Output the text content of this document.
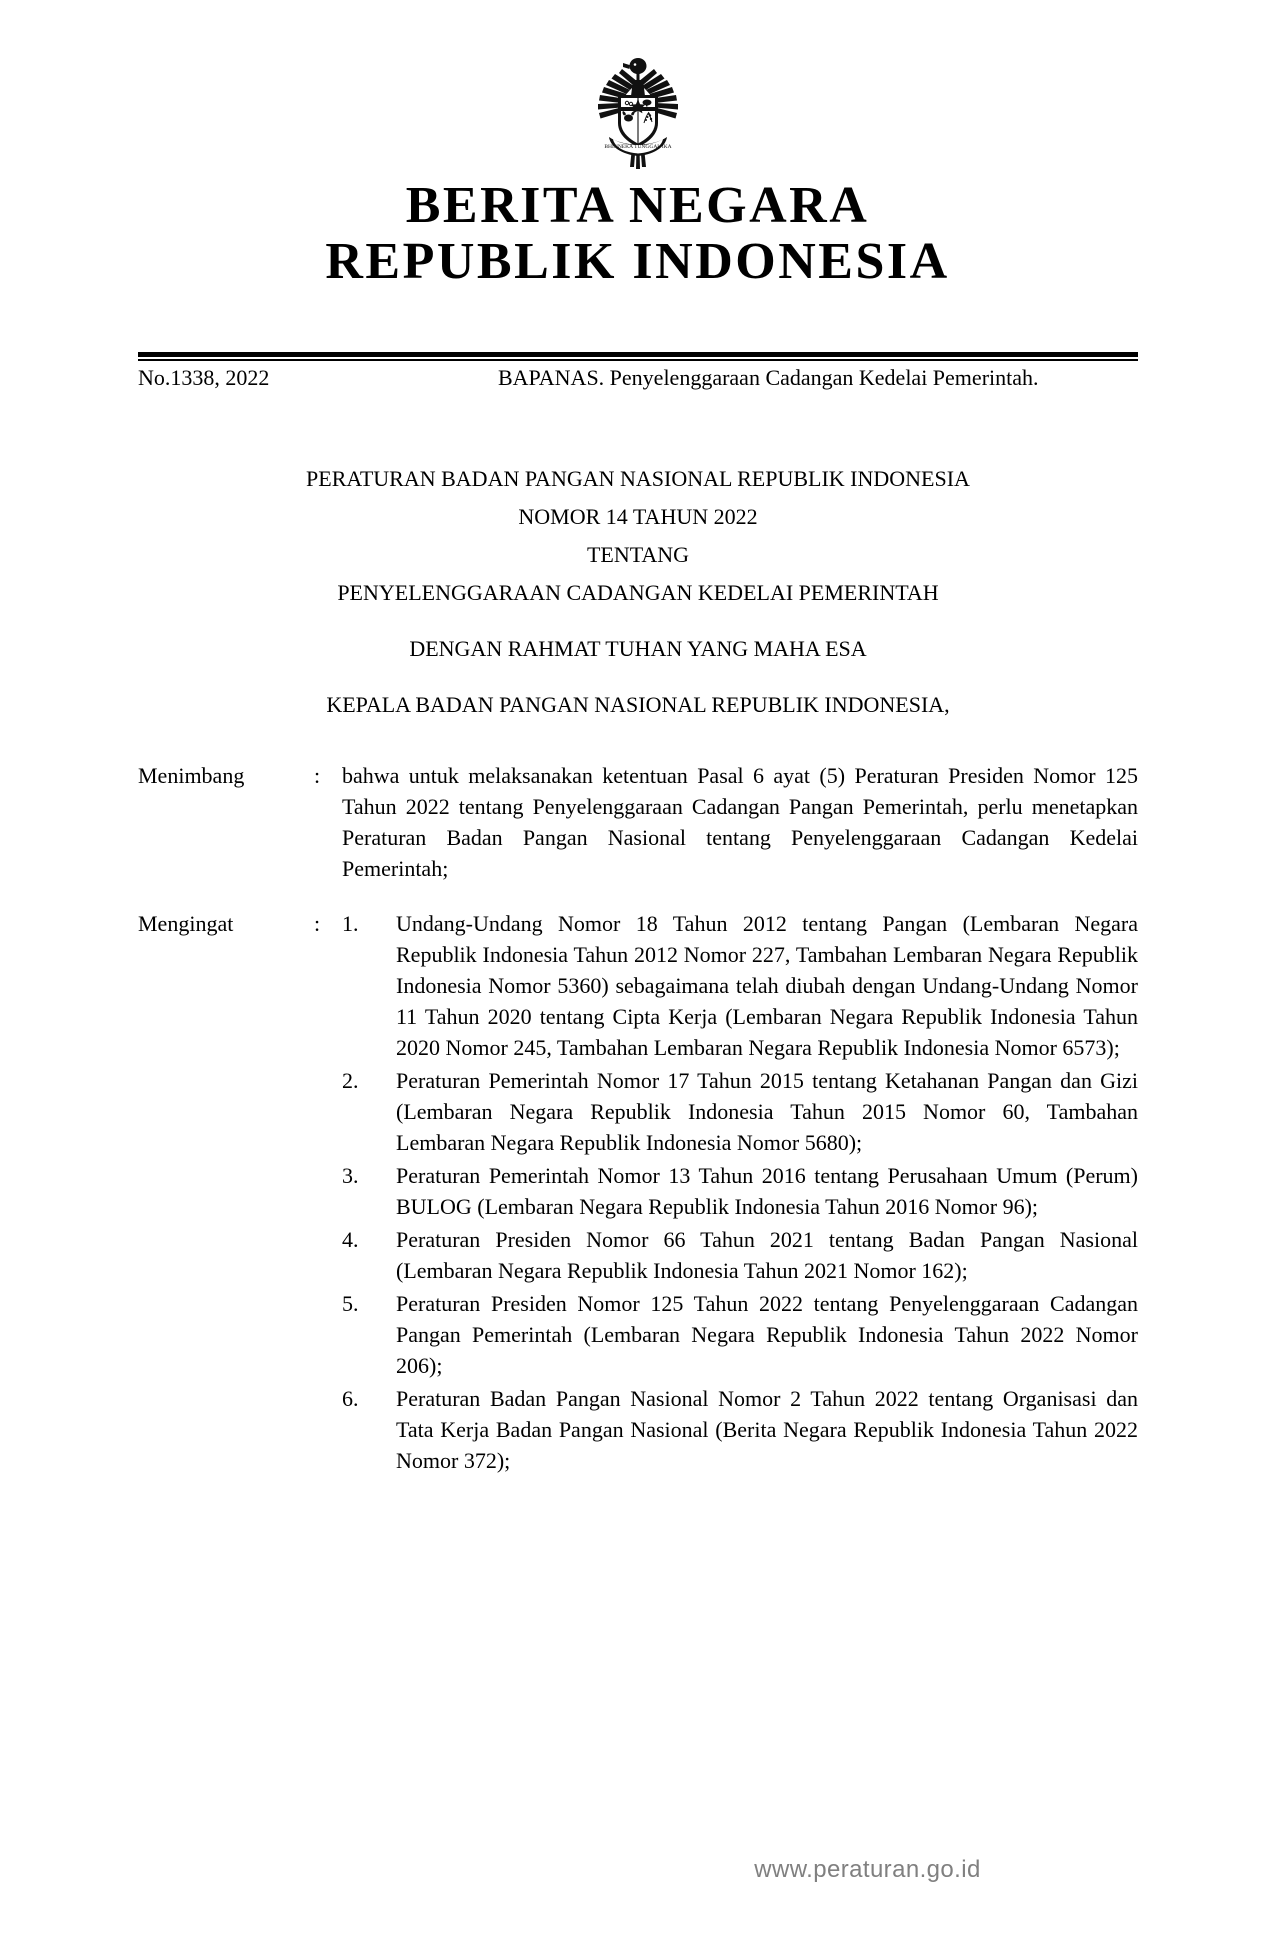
BHINNEKA TUNGGAL IKA
BERITA NEGARA
REPUBLIK INDONESIA
No.1338, 2022	BAPANAS. Penyelenggaraan Cadangan Kedelai Pemerintah.
PERATURAN BADAN PANGAN NASIONAL REPUBLIK INDONESIA
NOMOR 14 TAHUN 2022
TENTANG
PENYELENGGARAAN CADANGAN KEDELAI PEMERINTAH
DENGAN RAHMAT TUHAN YANG MAHA ESA
KEPALA BADAN PANGAN NASIONAL REPUBLIK INDONESIA,
Menimbang	: bahwa untuk melaksanakan ketentuan Pasal 6 ayat (5) Peraturan Presiden Nomor 125 Tahun 2022 tentang Penyelenggaraan Cadangan Pangan Pemerintah, perlu menetapkan Peraturan Badan Pangan Nasional tentang Penyelenggaraan Cadangan Kedelai Pemerintah;
Mengingat	: 1.	Undang-Undang Nomor 18 Tahun 2012 tentang Pangan (Lembaran Negara Republik Indonesia Tahun 2012 Nomor 227, Tambahan Lembaran Negara Republik Indonesia Nomor 5360) sebagaimana telah diubah dengan Undang-Undang Nomor 11 Tahun 2020 tentang Cipta Kerja (Lembaran Negara Republik Indonesia Tahun 2020 Nomor 245, Tambahan Lembaran Negara Republik Indonesia Nomor 6573);
2.	Peraturan Pemerintah Nomor 17 Tahun 2015 tentang Ketahanan Pangan dan Gizi (Lembaran Negara Republik Indonesia Tahun 2015 Nomor 60, Tambahan Lembaran Negara Republik Indonesia Nomor 5680);
3.	Peraturan Pemerintah Nomor 13 Tahun 2016 tentang Perusahaan Umum (Perum) BULOG (Lembaran Negara Republik Indonesia Tahun 2016 Nomor 96);
4.	Peraturan Presiden Nomor 66 Tahun 2021 tentang Badan Pangan Nasional (Lembaran Negara Republik Indonesia Tahun 2021 Nomor 162);
5.	Peraturan Presiden Nomor 125 Tahun 2022 tentang Penyelenggaraan Cadangan Pangan Pemerintah (Lembaran Negara Republik Indonesia Tahun 2022 Nomor 206);
6.	Peraturan Badan Pangan Nasional Nomor 2 Tahun 2022 tentang Organisasi dan Tata Kerja Badan Pangan Nasional (Berita Negara Republik Indonesia Tahun 2022 Nomor 372);
www.peraturan.go.id
